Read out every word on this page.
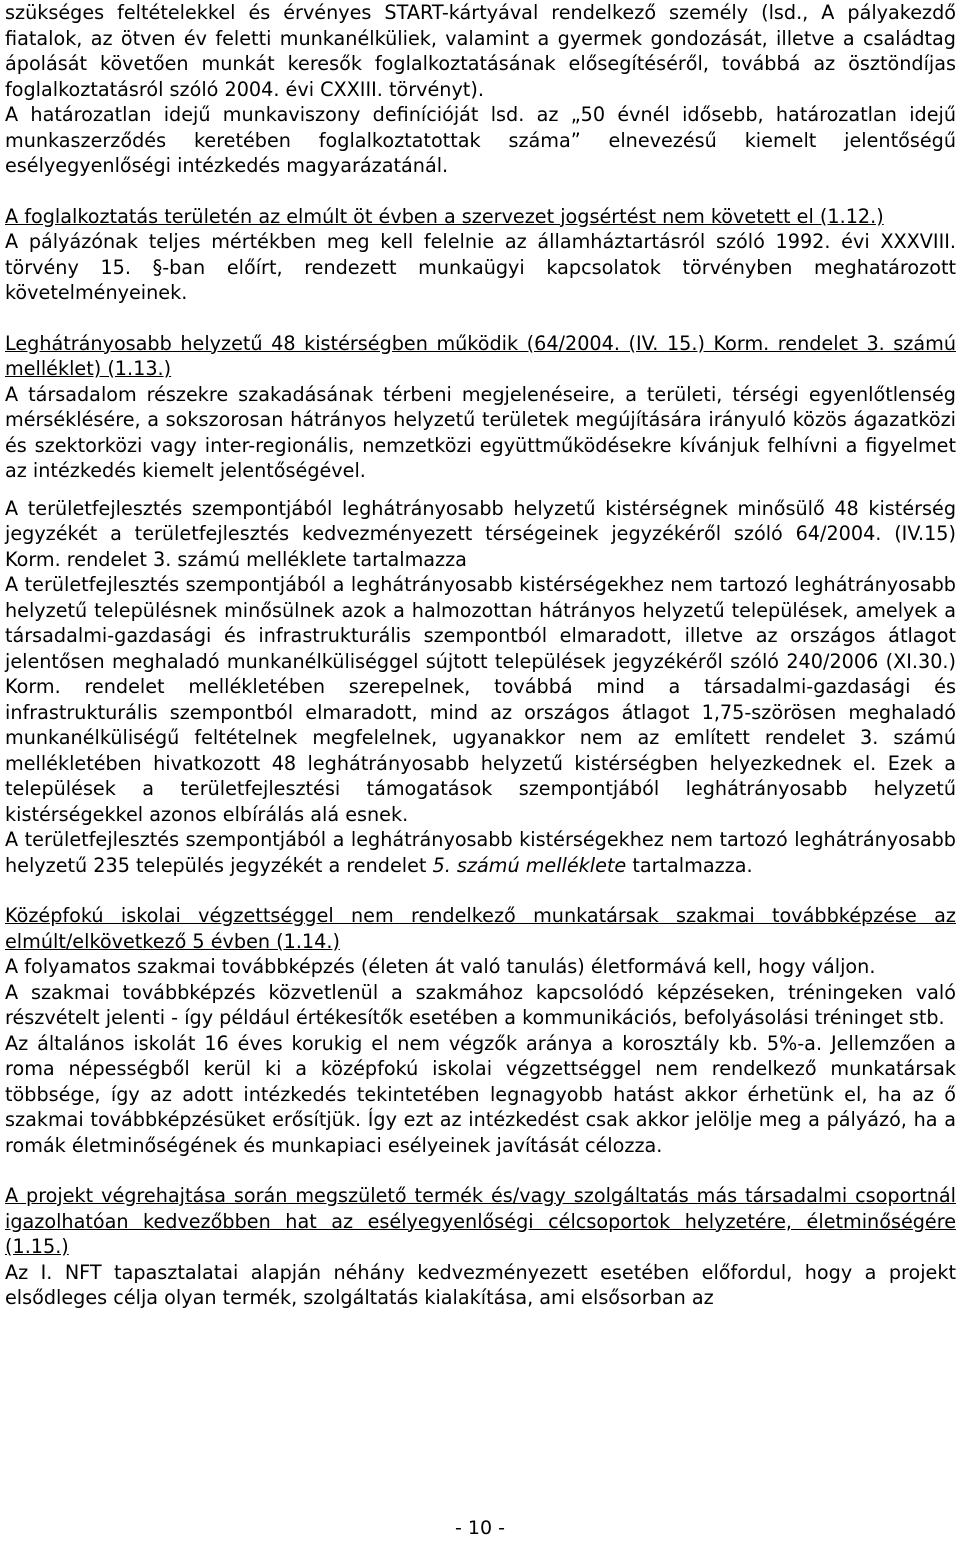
szükséges feltételekkel és érvényes START-kártyával rendelkező személy (lsd., A pályakezdő fiatalok, az ötven év feletti munkanélküliek, valamint a gyermek gondozását, illetve a családtag ápolását követően munkát keresők foglalkoztatásának elősegítéséről, továbbá az ösztöndíjas foglalkoztatásról szóló 2004. évi CXXIII. törvényt).

A határozatlan idejű munkaviszony definícióját lsd. az „50 évnél idősebb, határozatlan idejű munkaszerződés keretében foglalkoztatottak száma” elnevezésű kiemelt jelentőségű esélyegyenlőségi intézkedés magyarázatánál.

A foglalkoztatás területén az elmúlt öt évben a szervezet jogsértést nem követett el (1.12.)

A pályázónak teljes mértékben meg kell felelnie az államháztartásról szóló 1992. évi XXXVIII. törvény 15. §-ban előírt, rendezett munkaügyi kapcsolatok törvényben meghatározott követelményeinek.

Leghátrányosabb helyzetű 48 kistérségben működik (64/2004. (IV. 15.) Korm. rendelet 3. számú melléklet) (1.13.)

A társadalom részekre szakadásának térbeni megjelenéseire, a területi, térségi egyenlőtlenség mérséklésére, a sokszorosan hátrányos helyzetű területek megújítására irányuló közös ágazatközi és szektorközi vagy inter-regionális, nemzetközi együttműködésekre kívánjuk felhívni a figyelmet az intézkedés kiemelt jelentőségével.

A területfejlesztés szempontjából leghátrányosabb helyzetű kistérségnek minősülő 48 kistérség jegyzékét a területfejlesztés kedvezményezett térségeinek jegyzékéről szóló 64/2004. (IV.15) Korm. rendelet 3. számú melléklete tartalmazza

A területfejlesztés szempontjából a leghátrányosabb kistérségekhez nem tartozó leghátrányosabb helyzetű településnek minősülnek azok a halmozottan hátrányos helyzetű települések, amelyek a társadalmi-gazdasági és infrastrukturális szempontból elmaradott, illetve az országos átlagot jelentősen meghaladó munkanélküliséggel sújtott települések jegyzékéről szóló 240/2006 (XI.30.) Korm. rendelet mellékletében szerepelnek, továbbá mind a társadalmi-gazdasági és infrastrukturális szempontból elmaradott, mind az országos átlagot 1,75-szörösen meghaladó munkanélküliségű feltételnek megfelelnek, ugyanakkor nem az említett rendelet 3. számú mellékletében hivatkozott 48 leghátrányosabb helyzetű kistérségben helyezkednek el. Ezek a települések a területfejlesztési támogatások szempontjából leghátrányosabb helyzetű kistérségekkel azonos elbírálás alá esnek.

A területfejlesztés szempontjából a leghátrányosabb kistérségekhez nem tartozó leghátrányosabb helyzetű 235 település jegyzékét a rendelet 5. számú melléklete tartalmazza.

Középfokú iskolai végzettséggel nem rendelkező munkatársak szakmai továbbképzése az elmúlt/elkövetkező 5 évben (1.14.)

A folyamatos szakmai továbbképzés (életen át való tanulás) életformává kell, hogy váljon.

A szakmai továbbképzés közvetlenül a szakmához kapcsolódó képzéseken, tréningeken való részvételt jelenti - így például értékesítők esetében a kommunikációs, befolyásolási tréninget stb.

Az általános iskolát 16 éves korukig el nem végzők aránya a korosztály kb. 5%-a. Jellemzően a roma népességből kerül ki a középfokú iskolai végzettséggel nem rendelkező munkatársak többsége, így az adott intézkedés tekintetében legnagyobb hatást akkor érhetünk el, ha az ő szakmai továbbképzésüket erősítjük. Így ezt az intézkedést csak akkor jelölje meg a pályázó, ha a romák életminőségének és munkapiaci esélyeinek javítását célozza.

A projekt végrehajtása során megszülető termék és/vagy szolgáltatás más társadalmi csoportnál igazolhatóan kedvezőbben hat az esélyegyenlőségi célcsoportok helyzetére, életminőségére (1.15.)

Az I. NFT tapasztalatai alapján néhány kedvezményezett esetében előfordul, hogy a projekt elsődleges célja olyan termék, szolgáltatás kialakítása, ami elsősorban az

- 10 -
